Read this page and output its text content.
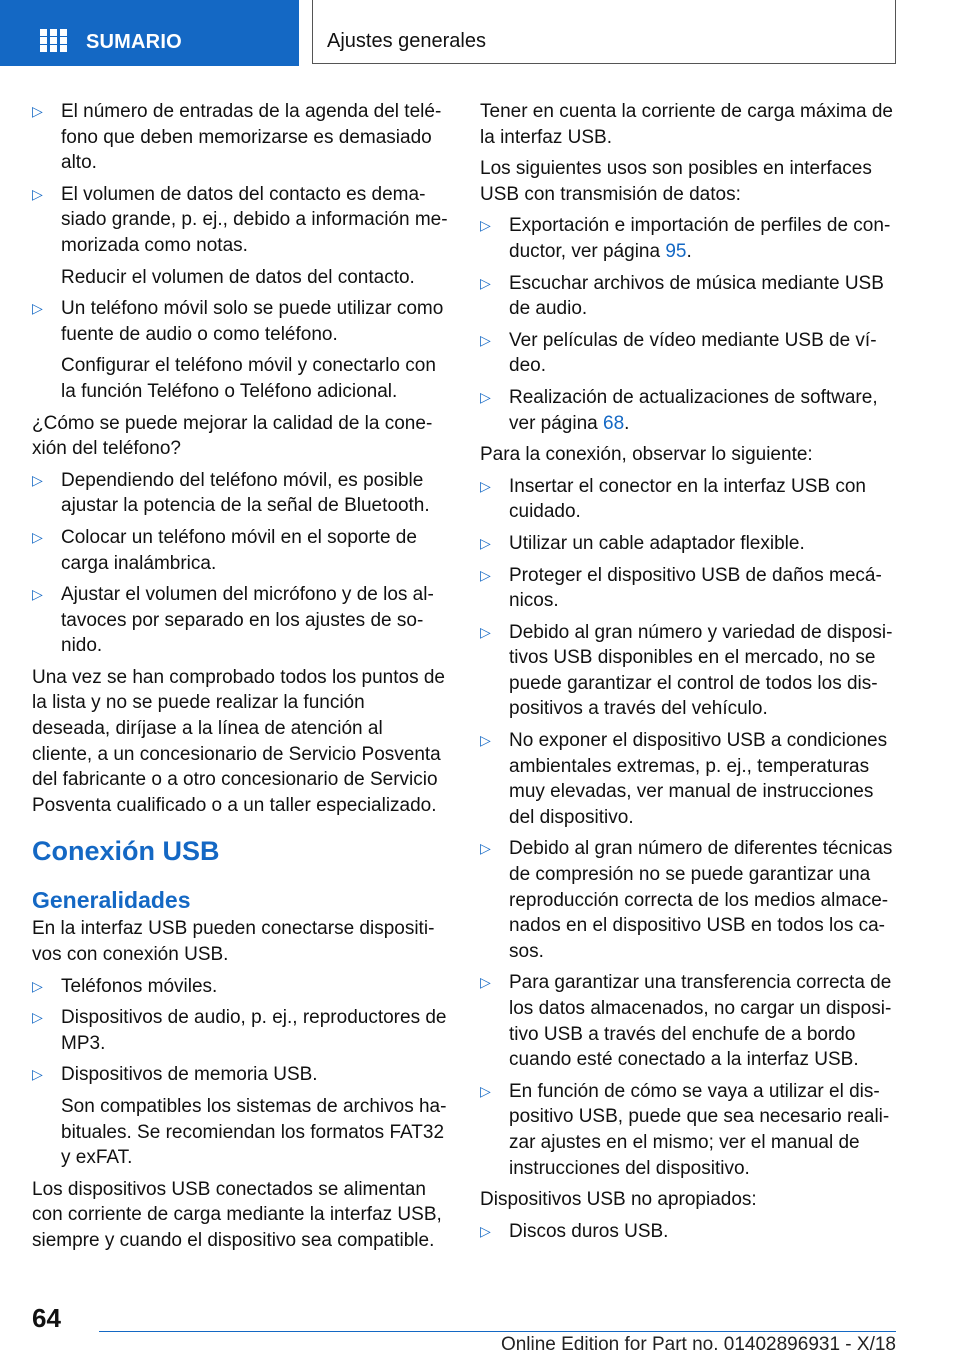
SUMARIO	Ajustes generales
▷ El número de entradas de la agenda del teléfono que deben memorizarse es demasiado alto.
▷ El volumen de datos del contacto es demasiado grande, p. ej., debido a información memorizada como notas.
Reducir el volumen de datos del contacto.
▷ Un teléfono móvil solo se puede utilizar como fuente de audio o como teléfono.
Configurar el teléfono móvil y conectarlo con la función Teléfono o Teléfono adicional.
¿Cómo se puede mejorar la calidad de la conexión del teléfono?
▷ Dependiendo del teléfono móvil, es posible ajustar la potencia de la señal de Bluetooth.
▷ Colocar un teléfono móvil en el soporte de carga inalámbrica.
▷ Ajustar el volumen del micrófono y de los altavoces por separado en los ajustes de sonido.
Una vez se han comprobado todos los puntos de la lista y no se puede realizar la función deseada, diríjase a la línea de atención al cliente, a un concesionario de Servicio Posventa del fabricante o a otro concesionario de Servicio Posventa cualificado o a un taller especializado.
Conexión USB
Generalidades
En la interfaz USB pueden conectarse dispositivos con conexión USB.
▷ Teléfonos móviles.
▷ Dispositivos de audio, p. ej., reproductores de MP3.
▷ Dispositivos de memoria USB.
Son compatibles los sistemas de archivos habituales. Se recomiendan los formatos FAT32 y exFAT.
Los dispositivos USB conectados se alimentan con corriente de carga mediante la interfaz USB, siempre y cuando el dispositivo sea compatible.
Tener en cuenta la corriente de carga máxima de la interfaz USB.
Los siguientes usos son posibles en interfaces USB con transmisión de datos:
▷ Exportación e importación de perfiles de conductor, ver página 95.
▷ Escuchar archivos de música mediante USB de audio.
▷ Ver películas de vídeo mediante USB de vídeo.
▷ Realización de actualizaciones de software, ver página 68.
Para la conexión, observar lo siguiente:
▷ Insertar el conector en la interfaz USB con cuidado.
▷ Utilizar un cable adaptador flexible.
▷ Proteger el dispositivo USB de daños mecánicos.
▷ Debido al gran número y variedad de dispositivos USB disponibles en el mercado, no se puede garantizar el control de todos los dispositivos a través del vehículo.
▷ No exponer el dispositivo USB a condiciones ambientales extremas, p. ej., temperaturas muy elevadas, ver manual de instrucciones del dispositivo.
▷ Debido al gran número de diferentes técnicas de compresión no se puede garantizar una reproducción correcta de los medios almacenados en el dispositivo USB en todos los casos.
▷ Para garantizar una transferencia correcta de los datos almacenados, no cargar un dispositivo USB a través del enchufe de a bordo cuando esté conectado a la interfaz USB.
▷ En función de cómo se vaya a utilizar el dispositivo USB, puede que sea necesario realizar ajustes en el mismo; ver el manual de instrucciones del dispositivo.
Dispositivos USB no apropiados:
▷ Discos duros USB.
64
Online Edition for Part no. 01402896931 - X/18
